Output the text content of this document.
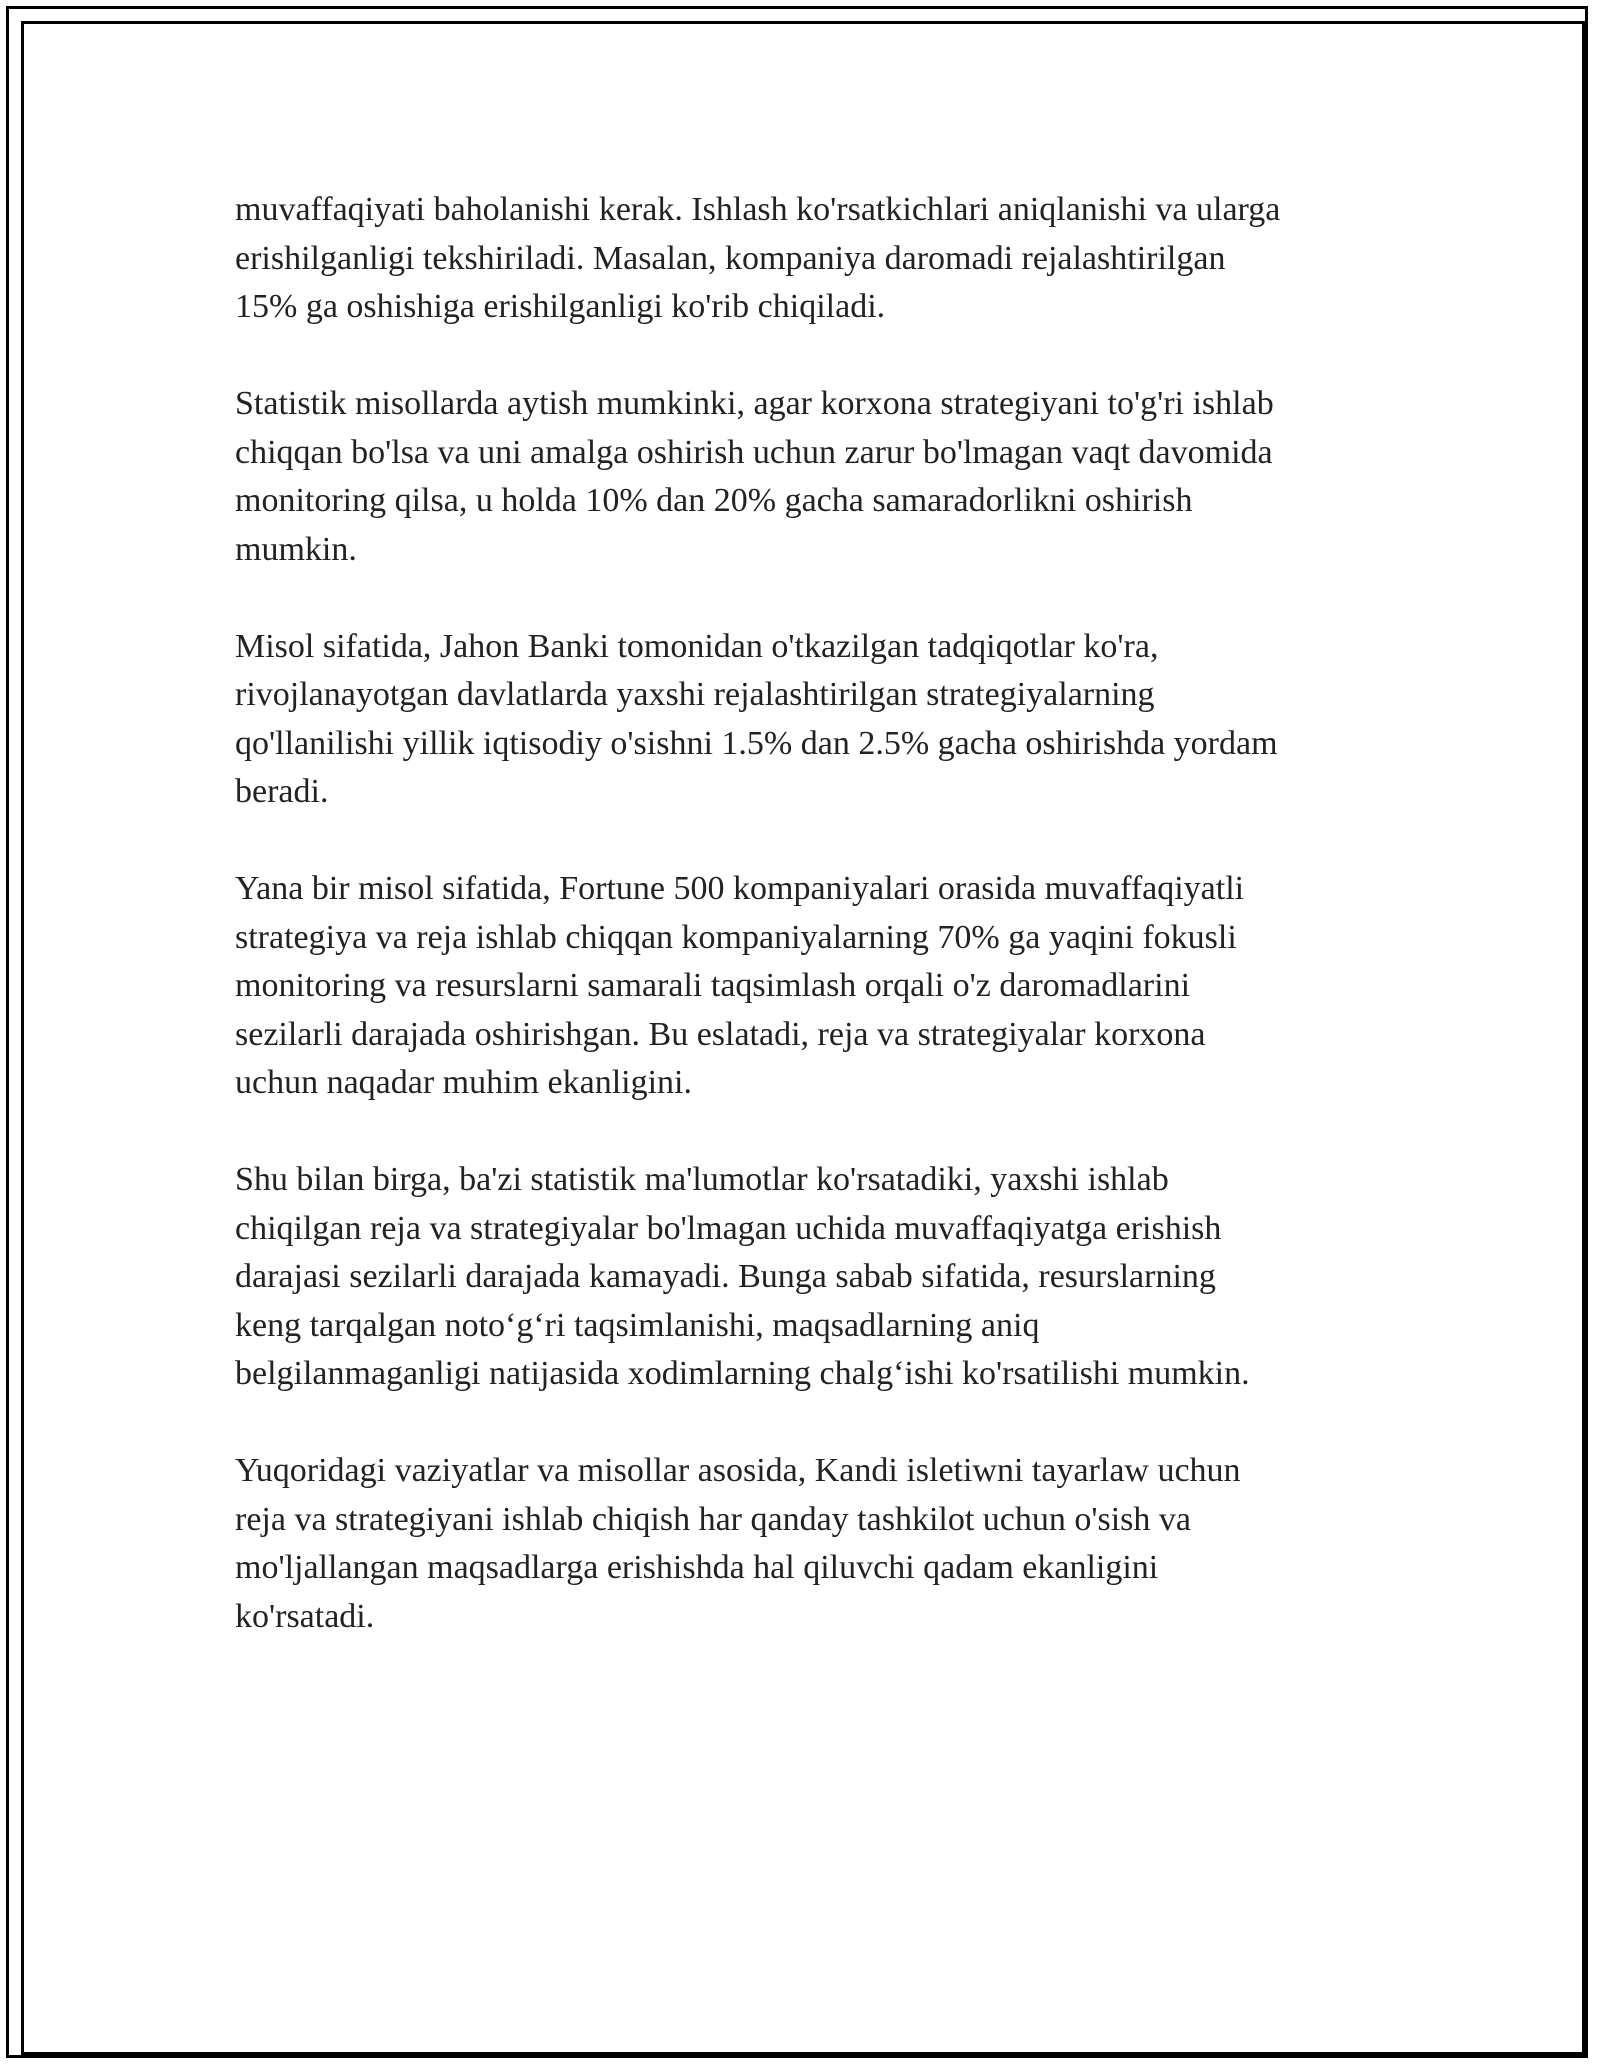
muvaffaqiyati baholanishi kerak. Ishlash ko'rsatkichlari aniqlanishi va ularga
erishilganligi tekshiriladi. Masalan, kompaniya daromadi rejalashtirilgan
15% ga oshishiga erishilganligi ko'rib chiqiladi.

Statistik misollarda aytish mumkinki, agar korxona strategiyani to'g'ri ishlab
chiqqan bo'lsa va uni amalga oshirish uchun zarur bo'lmagan vaqt davomida
monitoring qilsa, u holda 10% dan 20% gacha samaradorlikni oshirish
mumkin.

Misol sifatida, Jahon Banki tomonidan o'tkazilgan tadqiqotlar ko'ra,
rivojlanayotgan davlatlarda yaxshi rejalashtirilgan strategiyalarning
qo'llanilishi yillik iqtisodiy o'sishni 1.5% dan 2.5% gacha oshirishda yordam
beradi.

Yana bir misol sifatida, Fortune 500 kompaniyalari orasida muvaffaqiyatli
strategiya va reja ishlab chiqqan kompaniyalarning 70% ga yaqini fokusli
monitoring va resurslarni samarali taqsimlash orqali o'z daromadlarini
sezilarli darajada oshirishgan. Bu eslatadi, reja va strategiyalar korxona
uchun naqadar muhim ekanligini.

Shu bilan birga, ba'zi statistik ma'lumotlar ko'rsatadiki, yaxshi ishlab
chiqilgan reja va strategiyalar bo'lmagan uchida muvaffaqiyatga erishish
darajasi sezilarli darajada kamayadi. Bunga sabab sifatida, resurslarning
keng tarqalgan noto‘g‘ri taqsimlanishi, maqsadlarning aniq
belgilanmaganligi natijasida xodimlarning chalg‘ishi ko'rsatilishi mumkin.

Yuqoridagi vaziyatlar va misollar asosida, Kandi isletiwni tayarlaw uchun
reja va strategiyani ishlab chiqish har qanday tashkilot uchun o'sish va
mo'ljallangan maqsadlarga erishishda hal qiluvchi qadam ekanligini
ko'rsatadi.
